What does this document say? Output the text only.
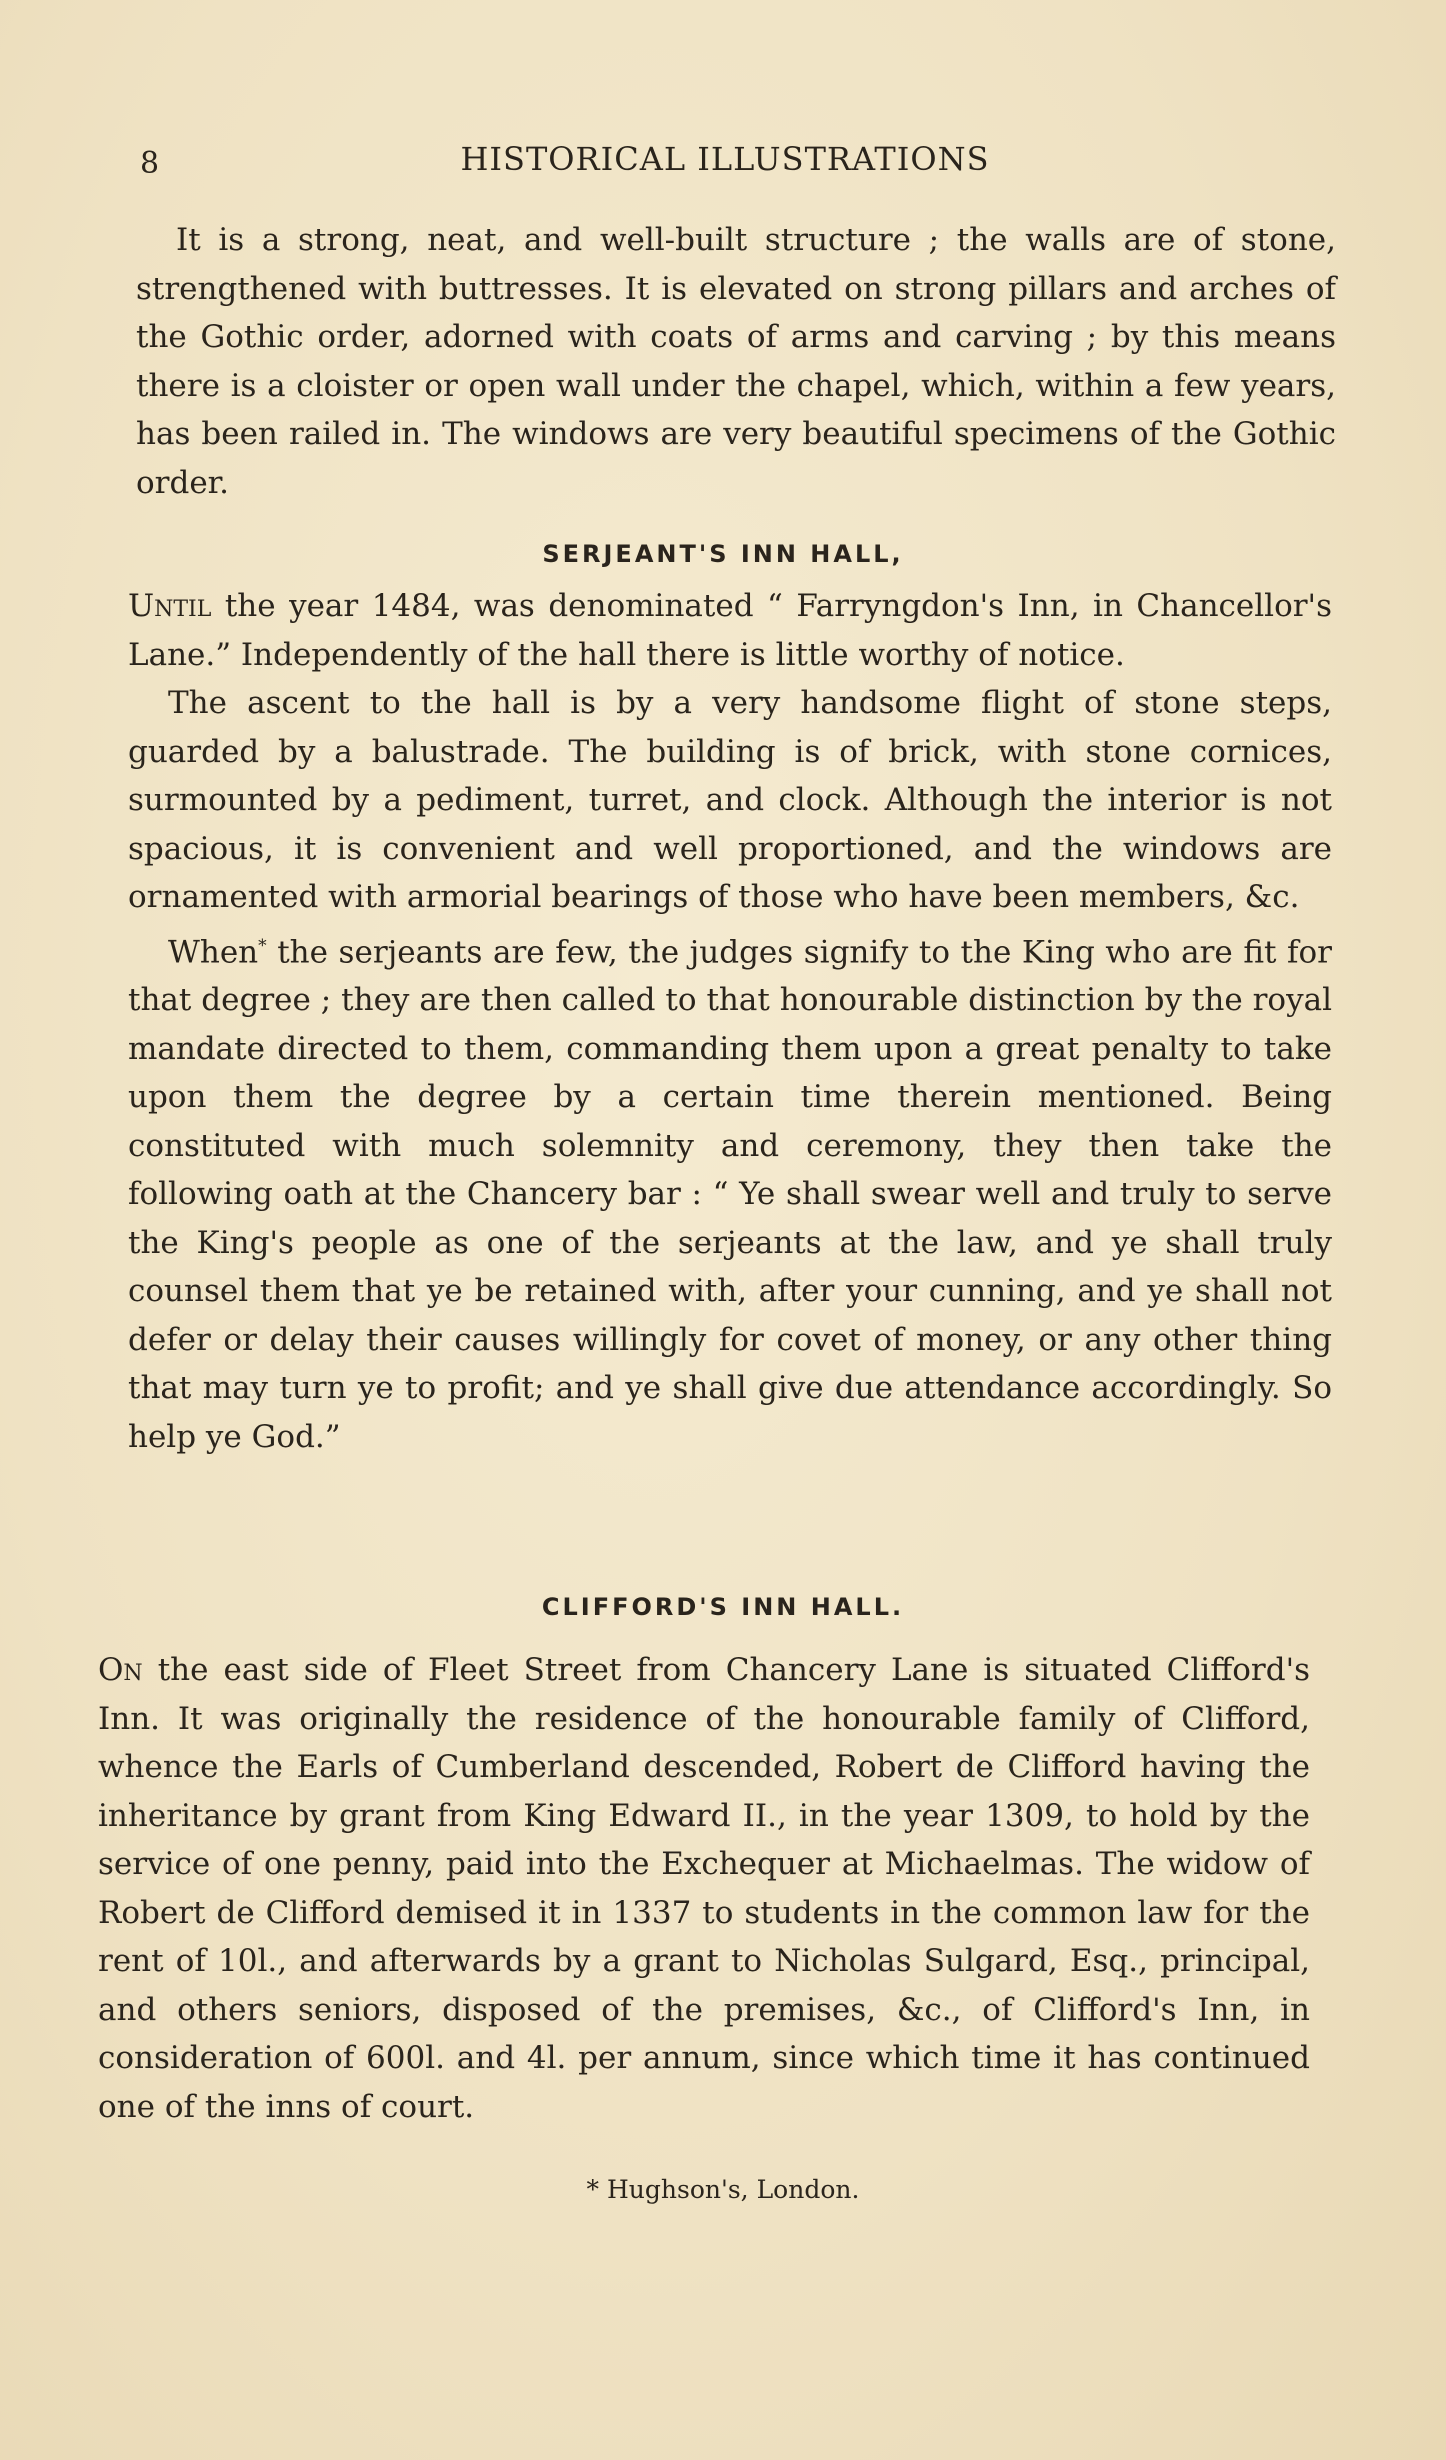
8	HISTORICAL ILLUSTRATIONS

It is a strong, neat, and well-built structure ; the walls are of stone, strengthened with buttresses. It is elevated on strong pillars and arches of the Gothic order, adorned with coats of arms and carving ; by this means there is a cloister or open wall under the chapel, which, within a few years, has been railed in. The windows are very beautiful specimens of the Gothic order.

SERJEANT'S INN HALL,

Until the year 1484, was denominated “ Farryngdon's Inn, in Chancellor's Lane.” Independently of the hall there is little worthy of notice.

The ascent to the hall is by a very handsome flight of stone steps, guarded by a balustrade. The building is of brick, with stone cornices, surmounted by a pediment, turret, and clock. Although the interior is not spacious, it is convenient and well proportioned, and the windows are ornamented with armorial bearings of those who have been members, &c.

When* the serjeants are few, the judges signify to the King who are fit for that degree ; they are then called to that honourable distinction by the royal mandate directed to them, commanding them upon a great penalty to take upon them the degree by a certain time therein mentioned. Being constituted with much solemnity and ceremony, they then take the following oath at the Chancery bar : “ Ye shall swear well and truly to serve the King's people as one of the serjeants at the law, and ye shall truly counsel them that ye be retained with, after your cunning, and ye shall not defer or delay their causes willingly for covet of money, or any other thing that may turn ye to profit; and ye shall give due attendance accordingly. So help ye God.”

CLIFFORD'S INN HALL.

On the east side of Fleet Street from Chancery Lane is situated Clifford's Inn. It was originally the residence of the honourable family of Clifford, whence the Earls of Cumberland descended, Robert de Clifford having the inheritance by grant from King Edward II., in the year 1309, to hold by the service of one penny, paid into the Exchequer at Michaelmas. The widow of Robert de Clifford demised it in 1337 to students in the common law for the rent of 10l., and afterwards by a grant to Nicholas Sulgard, Esq., principal, and others seniors, disposed of the premises, &c., of Clifford's Inn, in consideration of 600l. and 4l. per annum, since which time it has continued one of the inns of court.

* Hughson's, London.
